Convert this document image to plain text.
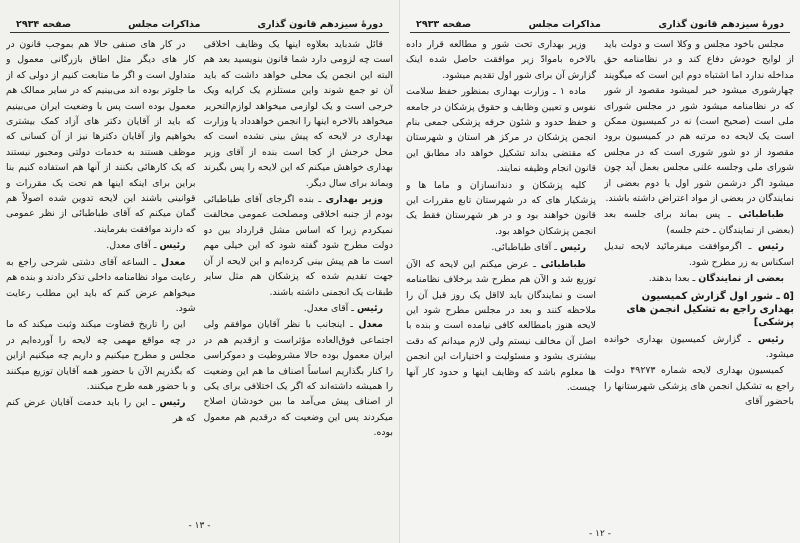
دورهٔ سیزدهم قانون گذاری
مذاکرات مجلس
صفحه ۲۹۳۴

قائل شدباید بعلاوه اینها یک وظایف اخلاقی است چه لزومی دارد شما قانون بنویسید بعد هم البته این انجمن یک محلی خواهد داشت که باید آن تو جمع شوند واین مستلزم یک کرایه ویک خرجی است و یک لوازمی میخواهد لوازم‌التحریر میخواهد بالاخره اینها را انجمن خواهدداد یا وزارت بهداری در لایحه که پیش بینی نشده است که محل خرجش از کجا است بنده از آقای وزیر بهداری خواهش میکنم که این لایحه را پس بگیرند وبماند برای سال دیگر.

وزیر بهداری ـ بنده اگرجای آقای طباطبائی بودم از جنبه اخلاقی ومصلحت عمومی مخالفت نمیکردم زیرا که اساس مشل قرارداد بین دو دولت مطرح شود گفته شود که این خیلی مهم است ما هم پیش بینی کرده‌ایم و این لایحه از آن جهت تقدیم شده که پزشکان هم مثل سایر طبقات یک انجمنی داشته باشند.

رئیس ـ آقای معدل.

معدل ـ اینجانب با نظر آقایان موافقم ولی اجتماعی فوق‌العاده مؤثراست و ازقدیم هم در ایران معمول بوده حالا مشروطیت و دموکراسی را کنار بگذاریم اساساً اصناف ما هم این وضعیت را همیشه داشته‌اند که اگر یک اختلافی برای یکی از اصناف پیش می‌آمد ما بین خودشان اصلاح میکردند پس این وضعیت که درقدیم هم معمول بوده.

در کار های صنفی حالا هم بموجب قانون در کار های دیگر مثل اطاق بازرگانی معمول و متداول است و اگر ما متابعت کنیم از دولی که از ما جلوتر بوده اند می‌بینیم که در سایر ممالک هم معمول بوده است پس با وضعیت ایران می‌بینیم که باید از آقایان دکتر های آزاد کمک بیشتری بخواهیم واز آقایان دکترها نیز از آن کسانی که موظف هستند به خدمات دولتی ومجبور نیستند که یک کارهائی بکنند از آنها هم استفاده کنیم بنا براین برای اینکه اینها هم تحت یک مقررات و قوانینی باشند این لایحه تدوین شده اصولاً هم گمان میکنم که آقای طباطبائی از نظر عمومی که دارند موافقت بفرمایند.

رئیس ـ آقای معدل.

معدل ـ الساعه آقای دشتی شرحی راجع به رعایت مواد نظامنامه داخلی تذکر دادند و بنده هم میخواهم عرض کنم که باید این مطلب رعایت شود.

این را تاریخ قضاوت میکند وثبت میکند که ما در چه مواقع مهمی چه لایحه را آورده‌ایم در مجلس و مطرح میکنیم و داریم چه میکنیم ازاین که بگذریم الآن با حضور همه آقایان توزیع میکنند و با حضور همه طرح میکنند.

رئیس ـ این را باید خدمت آقایان عرض کنم که هر

- ۱۳ -
دورهٔ سیزدهم قانون گذاری
مذاکرات مجلس
صفحه ۲۹۳۳

مجلس باخود مجلس و وکلا است و دولت باید از لوایح خودش دفاع کند و در نظامنامه حق مداخله ندارد اما اشتباه دوم این است که میگویند چهارشوری میشود خیر لمیشود مقصود از شور که در نظامنامه میشود شور در مجلس شورای ملی است (صحیح است) نه در کمیسیون ممکن است یک لایحه ده مرتبه هم در کمیسیون برود مقصود از دو شور شوری است که در مجلس شورای ملی وجلسه علنی مجلس بعمل آید چون میشود اگر درشمن شور اول یا دوم بعضی از نمایندگان در بعضی از مواد اعتراض داشته باشند.

طباطبائی ـ پس بماند برای جلسه بعد (بعضی از نمایندگان ـ ختم جلسه)

رئیس ـ اگرموافقت میفرمائید لایحه تبدیل اسکناس به زر مطرح شود.

بعضی از نمایندگان ـ بعدا بدهند.

[۵ ـ شور اول گزارش کمیسیون بهداری راجع به تشکیل انجمن های پزشکی]

رئیس ـ گزارش کمیسیون بهداری خوانده میشود.

کمیسیون بهداری لایحه شماره ۴۹۲۷۳ دولت راجع به تشکیل انجمن های پزشکی شهرستانها را باحضور آقای

وزیر بهداری تحت شور و مطالعه قرار داده بالاخره باموادّ زیر موافقت حاصل شده اینک گزارش آن برای شور اول تقدیم میشود.

ماده ۱ ـ وزارت بهداری بمنظور حفظ سلامت نفوس و تعیین وظایف و حقوق پزشکان در جامعه و حفظ حدود و شئون حرفه پزشکی جمعی بنام انجمن پزشکان در مرکز هر استان و شهرستان که مقتضی بداند تشکیل خواهد داد مطابق این قانون انجام وظیفه نمایند.

کلیه پزشکان و دندانسازان و ماما ها و پزشکیار های که در شهرستان تابع مقررات این قانون خواهند بود و در هر شهرستان فقط یک انجمن پزشکان خواهد بود.

رئیس ـ آقای طباطبائی.

طباطبائی ـ عرض میکنم این لایحه که الآن توزیع شد و الآن هم مطرح شد برخلاف نظامنامه است و نمایندگان باید لااقل یک روز قبل آن را ملاحظه کنند و بعد در مجلس مطرح شود این لایحه هنوز بامطالعه کافی نیامده است و بنده با اصل آن مخالف نیستم ولی لازم میدانم که دقت بیشتری بشود و مسئولیت و اختیارات این انجمن ها معلوم باشد که وظایف اینها و حدود کار آنها چیست.

- ۱۲ -
